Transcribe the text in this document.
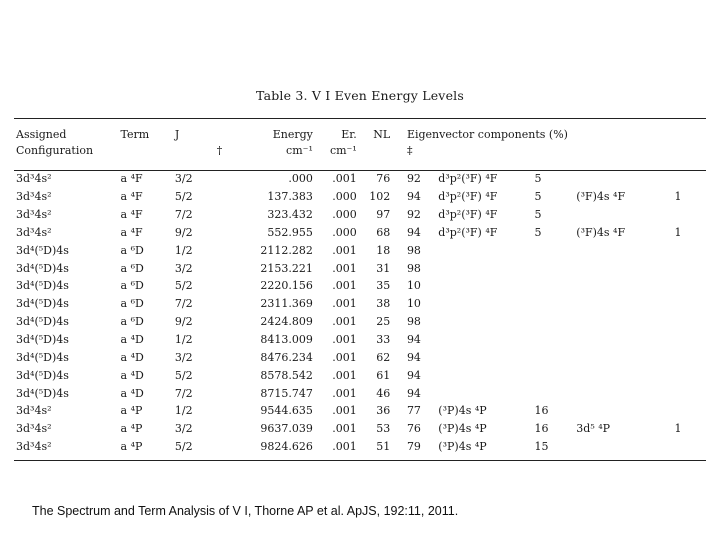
Table 3. V I Even Energy Levels
Assigned	Term	J		Energy	Er.	NL		Eigenvector components (%)				
Configuration			†	cm⁻¹	cm⁻¹			‡				

3d³4s²	a ⁴F	3/2		.000	.001	76		92	d³p²(³F) ⁴F	5		
3d³4s²	a ⁴F	5/2		137.383	.000	102		94	d³p²(³F) ⁴F	5	(³F)4s ⁴F	1
3d³4s²	a ⁴F	7/2		323.432	.000	97		92	d³p²(³F) ⁴F	5		
3d³4s²	a ⁴F	9/2		552.955	.000	68		94	d³p²(³F) ⁴F	5	(³F)4s ⁴F	1
3d⁴(⁵D)4s	a ⁶D	1/2		2112.282	.001	18		98				
3d⁴(⁵D)4s	a ⁶D	3/2		2153.221	.001	31		98				
3d⁴(⁵D)4s	a ⁶D	5/2		2220.156	.001	35		10				
3d⁴(⁵D)4s	a ⁶D	7/2		2311.369	.001	38		10				
3d⁴(⁵D)4s	a ⁶D	9/2		2424.809	.001	25		98				
3d⁴(⁵D)4s	a ⁴D	1/2		8413.009	.001	33		94				
3d⁴(⁵D)4s	a ⁴D	3/2		8476.234	.001	62		94				
3d⁴(⁵D)4s	a ⁴D	5/2		8578.542	.001	61		94				
3d⁴(⁵D)4s	a ⁴D	7/2		8715.747	.001	46		94				
3d³4s²	a ⁴P	1/2		9544.635	.001	36		77	(³P)4s ⁴P	16		
3d³4s²	a ⁴P	3/2		9637.039	.001	53		76	(³P)4s ⁴P	16	3d⁵ ⁴P	1
3d³4s²	a ⁴P	5/2		9824.626	.001	51		79	(³P)4s ⁴P	15		
The Spectrum and Term Analysis of V I, Thorne AP et al. ApJS, 192:11, 2011.
